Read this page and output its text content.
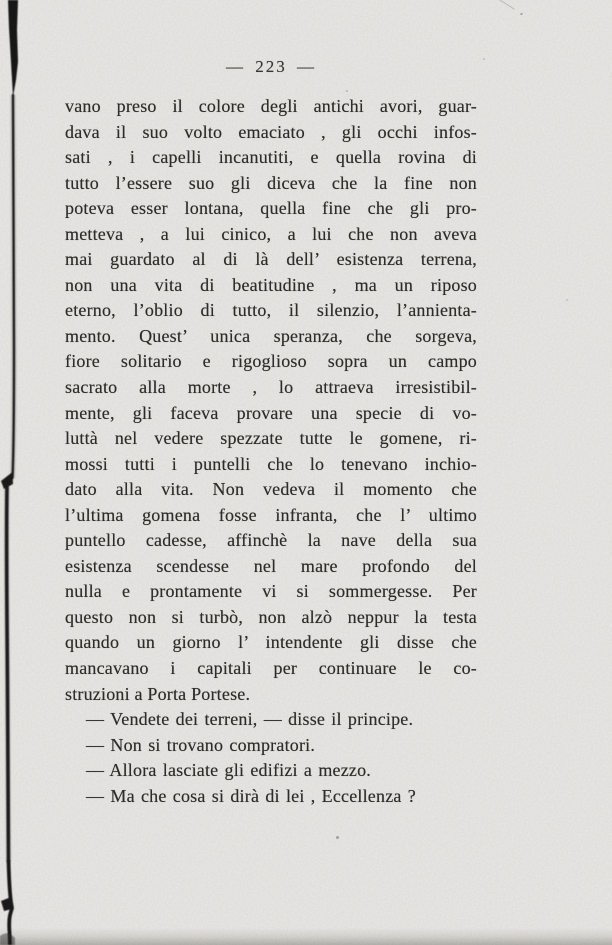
— 223 —
vano preso il colore degli antichi avori, guar-
dava il suo volto emaciato , gli occhi infos-
sati , i capelli incanutiti, e quella rovina di
tutto l’essere suo gli diceva che la fine non
poteva esser lontana, quella fine che gli pro-
metteva , a lui cinico, a lui che non aveva
mai guardato al di là dell’ esistenza terrena,
non una vita di beatitudine , ma un riposo
eterno, l’oblio di tutto, il silenzio, l’annienta-
mento. Quest’ unica speranza, che sorgeva,
fiore solitario e rigoglioso sopra un campo
sacrato alla morte , lo attraeva irresistibil-
mente, gli faceva provare una specie di vo-
luttà nel vedere spezzate tutte le gomene, ri-
mossi tutti i puntelli che lo tenevano inchio-
dato alla vita. Non vedeva il momento che
l’ultima gomena fosse infranta, che l’ ultimo
puntello cadesse, affinchè la nave della sua
esistenza scendesse nel mare profondo del
nulla e prontamente vi si sommergesse. Per
questo non si turbò, non alzò neppur la testa
quando un giorno l’ intendente gli disse che
mancavano i capitali per continuare le co-
struzioni a Porta Portese.
— Vendete dei terreni, — disse il principe.
— Non si trovano compratori.
— Allora lasciate gli edifizi a mezzo.
— Ma che cosa si dirà di lei , Eccellenza ?
